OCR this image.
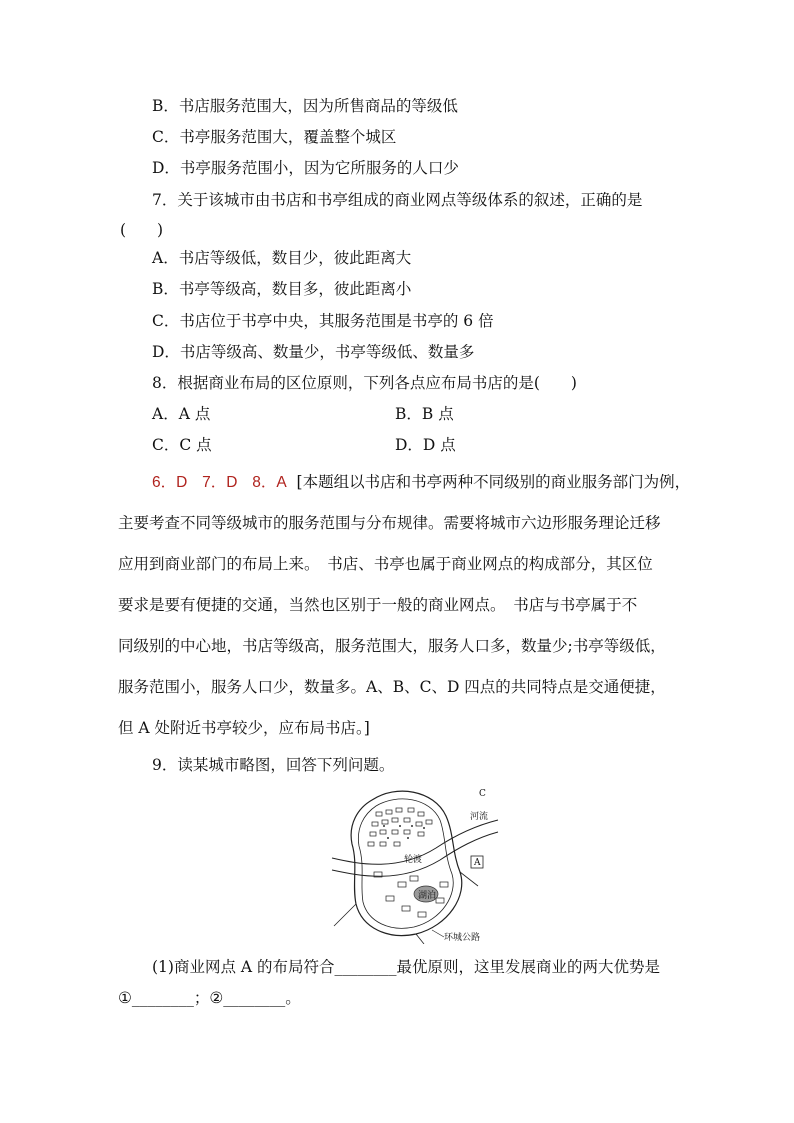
B．书店服务范围大，因为所售商品的等级低
C．书亭服务范围大，覆盖整个城区
D．书亭服务范围小，因为它所服务的人口少
7．关于该城市由书店和书亭组成的商业网点等级体系的叙述，正确的是
(　　)
A．书店等级低，数目少，彼此距离大
B．书亭等级高，数目多，彼此距离小
C．书店位于书亭中央，其服务范围是书亭的 6 倍
D．书店等级高、数量少，书亭等级低、数量多
8．根据商业布局的区位原则，下列各点应布局书店的是(　　)
A．A 点	B．B 点
C．C 点	D．D 点
6．D 7．D 8．A [本题组以书店和书亭两种不同级别的商业服务部门为例，
主要考查不同等级城市的服务范围与分布规律。需要将城市六边形服务理论迁移
应用到商业部门的布局上来。　书店、书亭也属于商业网点的构成部分，其区位
要求是要有便捷的交通，当然也区别于一般的商业网点。　书店与书亭属于不
同级别的中心地，书店等级高，服务范围大，服务人口多，数量少;书亭等级低，
服务范围小，服务人口少，数量多。A、B、C、D 四点的共同特点是交通便捷，
但 A 处附近书亭较少，应布局书店。]
9．读某城市略图，回答下列问题。
A
C
河流
轮渡
湖泊
环城公路
(1)商业网点 A 的布局符合________最优原则，这里发展商业的两大优势是
①________；②________。
